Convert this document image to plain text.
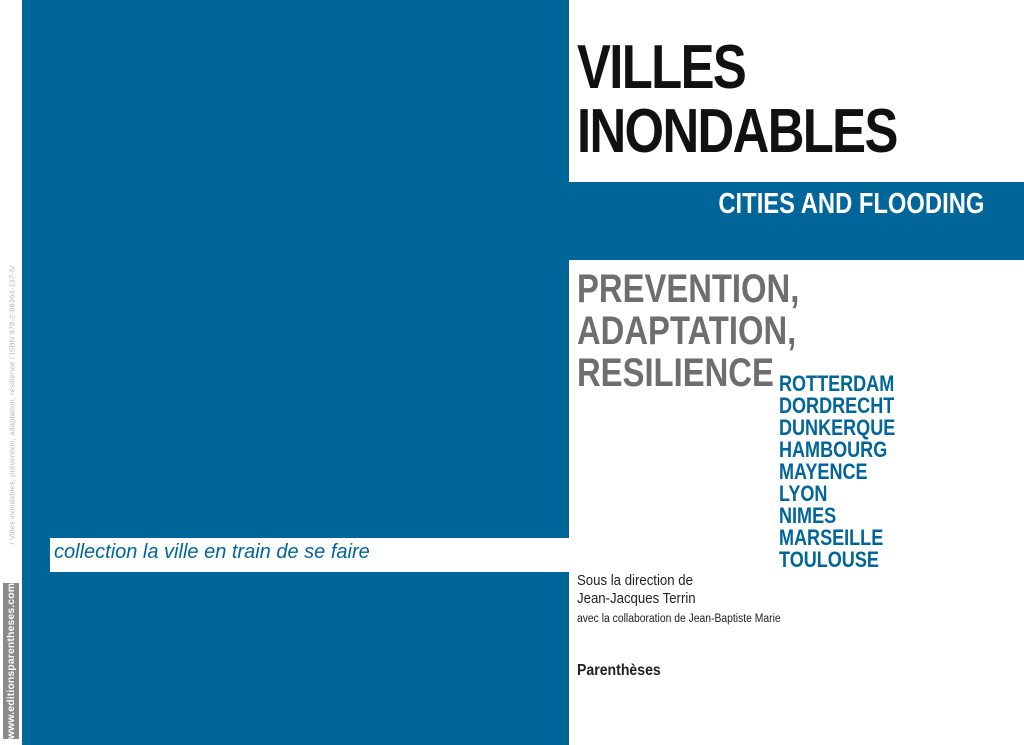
www.editionsparentheses.com
/ Villes inondables, prévention, adaptation, résilience / ISBN 978-2-86364-237-5/
collection la ville en train de se faire
VILLES
INONDABLES
CITIES AND FLOODING
PREVENTION,
ADAPTATION,
RESILIENCE ROTTERDAM
DORDRECHT
DUNKERQUE
HAMBOURG
MAYENCE
LYON
NIMES
MARSEILLE
TOULOUSE
Sous la direction de
Jean-Jacques Terrin
avec la collaboration de Jean-Baptiste Marie
Parenthèses
